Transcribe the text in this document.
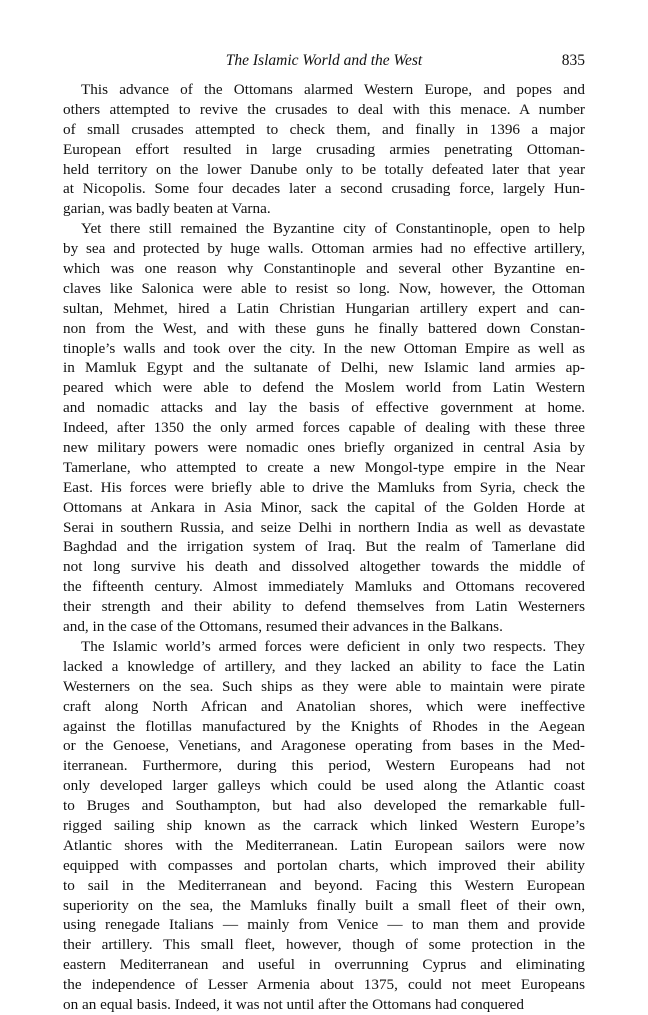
The Islamic World and the West	835

This advance of the Ottomans alarmed Western Europe, and popes and
others attempted to revive the crusades to deal with this menace. A number
of small crusades attempted to check them, and finally in 1396 a major
European effort resulted in large crusading armies penetrating Ottoman-
held territory on the lower Danube only to be totally defeated later that year
at Nicopolis. Some four decades later a second crusading force, largely Hun-
garian, was badly beaten at Varna.

Yet there still remained the Byzantine city of Constantinople, open to help
by sea and protected by huge walls. Ottoman armies had no effective artillery,
which was one reason why Constantinople and several other Byzantine en-
claves like Salonica were able to resist so long. Now, however, the Ottoman
sultan, Mehmet, hired a Latin Christian Hungarian artillery expert and can-
non from the West, and with these guns he finally battered down Constan-
tinople’s walls and took over the city. In the new Ottoman Empire as well as
in Mamluk Egypt and the sultanate of Delhi, new Islamic land armies ap-
peared which were able to defend the Moslem world from Latin Western
and nomadic attacks and lay the basis of effective government at home.
Indeed, after 1350 the only armed forces capable of dealing with these three
new military powers were nomadic ones briefly organized in central Asia by
Tamerlane, who attempted to create a new Mongol-type empire in the Near
East. His forces were briefly able to drive the Mamluks from Syria, check the
Ottomans at Ankara in Asia Minor, sack the capital of the Golden Horde at
Serai in southern Russia, and seize Delhi in northern India as well as devastate
Baghdad and the irrigation system of Iraq. But the realm of Tamerlane did
not long survive his death and dissolved altogether towards the middle of
the fifteenth century. Almost immediately Mamluks and Ottomans recovered
their strength and their ability to defend themselves from Latin Westerners
and, in the case of the Ottomans, resumed their advances in the Balkans.

The Islamic world’s armed forces were deficient in only two respects. They
lacked a knowledge of artillery, and they lacked an ability to face the Latin
Westerners on the sea. Such ships as they were able to maintain were pirate
craft along North African and Anatolian shores, which were ineffective
against the flotillas manufactured by the Knights of Rhodes in the Aegean
or the Genoese, Venetians, and Aragonese operating from bases in the Med-
iterranean. Furthermore, during this period, Western Europeans had not
only developed larger galleys which could be used along the Atlantic coast
to Bruges and Southampton, but had also developed the remarkable full-
rigged sailing ship known as the carrack which linked Western Europe’s
Atlantic shores with the Mediterranean. Latin European sailors were now
equipped with compasses and portolan charts, which improved their ability
to sail in the Mediterranean and beyond. Facing this Western European
superiority on the sea, the Mamluks finally built a small fleet of their own,
using renegade Italians — mainly from Venice — to man them and provide
their artillery. This small fleet, however, though of some protection in the
eastern Mediterranean and useful in overrunning Cyprus and eliminating
the independence of Lesser Armenia about 1375, could not meet Europeans
on an equal basis. Indeed, it was not until after the Ottomans had conquered
